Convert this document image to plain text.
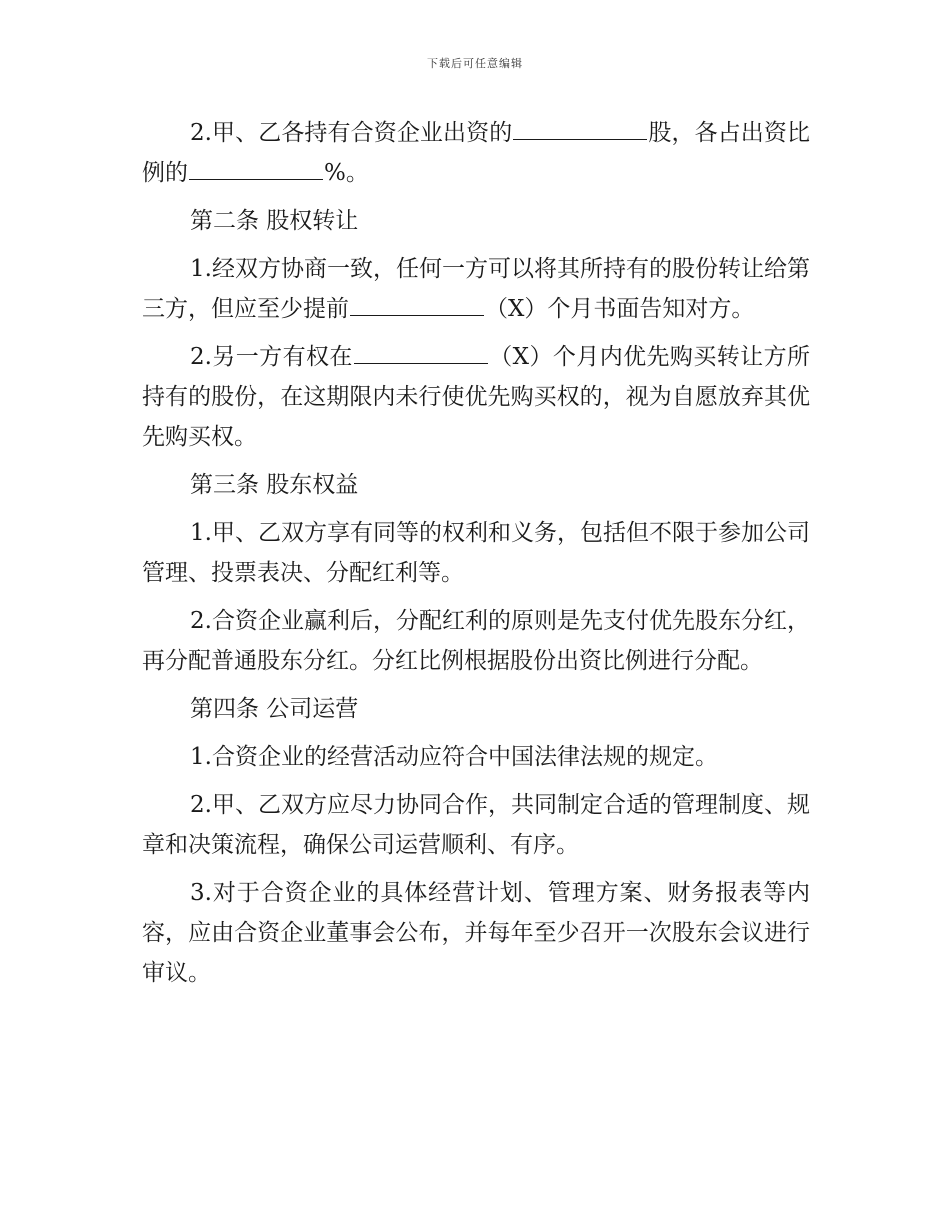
下载后可任意编辑

2.甲、乙各持有合资企业出资的	股，各占出资比例的	%。

第二条 股权转让

1.经双方协商一致，任何一方可以将其所持有的股份转让给第三方，但应至少提前	（X）个月书面告知对方。

2.另一方有权在	（X）个月内优先购买转让方所持有的股份，在这期限内未行使优先购买权的，视为自愿放弃其优先购买权。

第三条 股东权益

1.甲、乙双方享有同等的权利和义务，包括但不限于参加公司管理、投票表决、分配红利等。

2.合资企业赢利后，分配红利的原则是先支付优先股东分红，再分配普通股东分红。分红比例根据股份出资比例进行分配。

第四条 公司运营

1.合资企业的经营活动应符合中国法律法规的规定。

2.甲、乙双方应尽力协同合作，共同制定合适的管理制度、规章和决策流程，确保公司运营顺利、有序。

3.对于合资企业的具体经营计划、管理方案、财务报表等内容，应由合资企业董事会公布，并每年至少召开一次股东会议进行审议。
